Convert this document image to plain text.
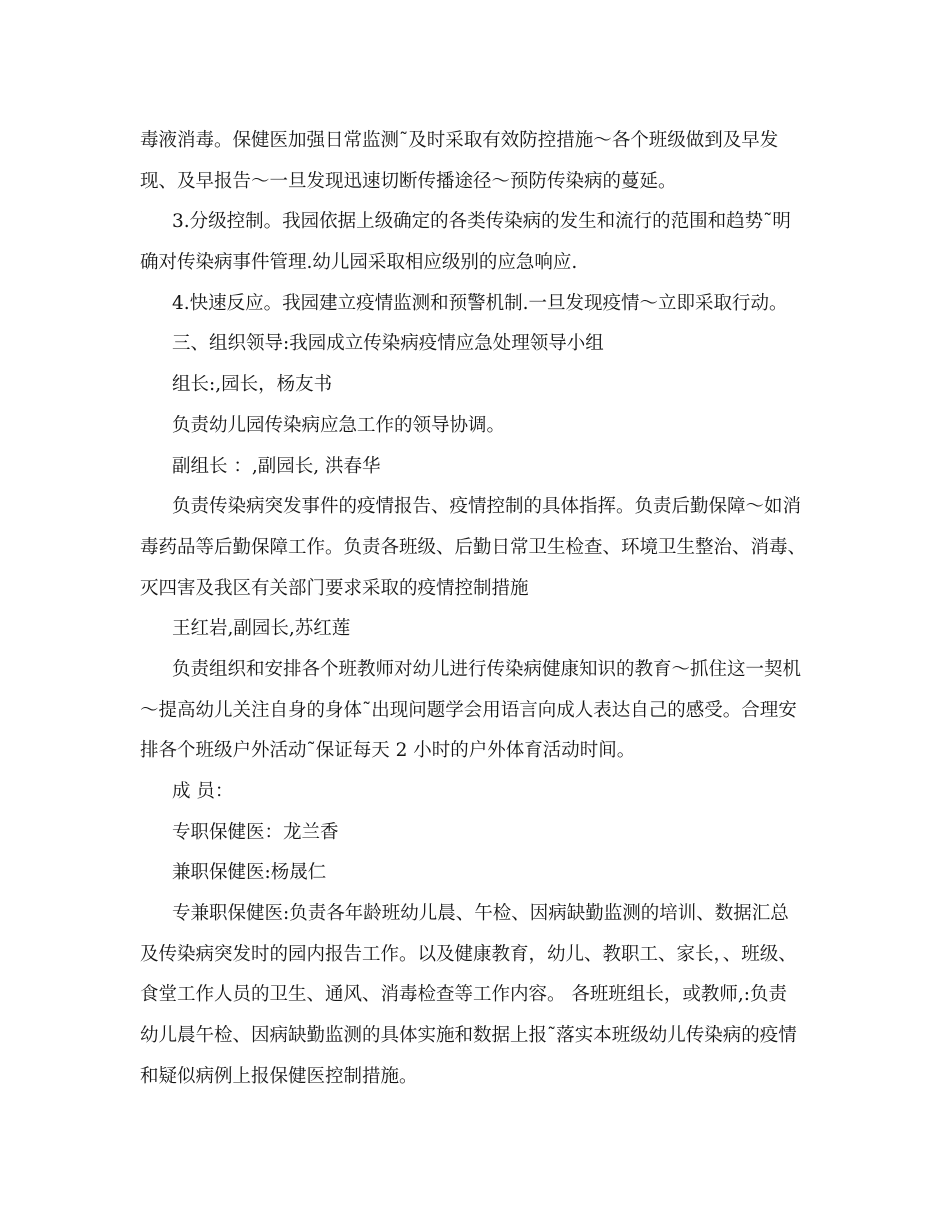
毒液消毒。保健医加强日常监测˜及时采取有效防控措施～各个班级做到及早发
现、及早报告～一旦发现迅速切断传播途径～预防传染病的蔓延。
3.分级控制。我园依据上级确定的各类传染病的发生和流行的范围和趋势˜明
确对传染病事件管理.幼儿园采取相应级别的应急响应.
4.快速反应。我园建立疫情监测和预警机制.一旦发现疫情～立即采取行动。
三、组织领导:我园成立传染病疫情应急处理领导小组
组长:,园长，杨友书
负责幼儿园传染病应急工作的领导协调。
副组长 ：,副园长, 洪春华
负责传染病突发事件的疫情报告、疫情控制的具体指挥。负责后勤保障～如消
毒药品等后勤保障工作。负责各班级、后勤日常卫生检查、环境卫生整治、消毒、
灭四害及我区有关部门要求采取的疫情控制措施
王红岩,副园长,苏红莲
负责组织和安排各个班教师对幼儿进行传染病健康知识的教育～抓住这一契机
～提高幼儿关注自身的身体˜出现问题学会用语言向成人表达自己的感受。合理安
排各个班级户外活动˜保证每天 2 小时的户外体育活动时间。
成 员：
专职保健医：龙兰香
兼职保健医:杨晟仁
专兼职保健医:负责各年龄班幼儿晨、午检、因病缺勤监测的培训、数据汇总
及传染病突发时的园内报告工作。以及健康教育，幼儿、教职工、家长，、班级、
食堂工作人员的卫生、通风、消毒检查等工作内容。 各班班组长，或教师,:负责
幼儿晨午检、因病缺勤监测的具体实施和数据上报˜落实本班级幼儿传染病的疫情
和疑似病例上报保健医控制措施。
